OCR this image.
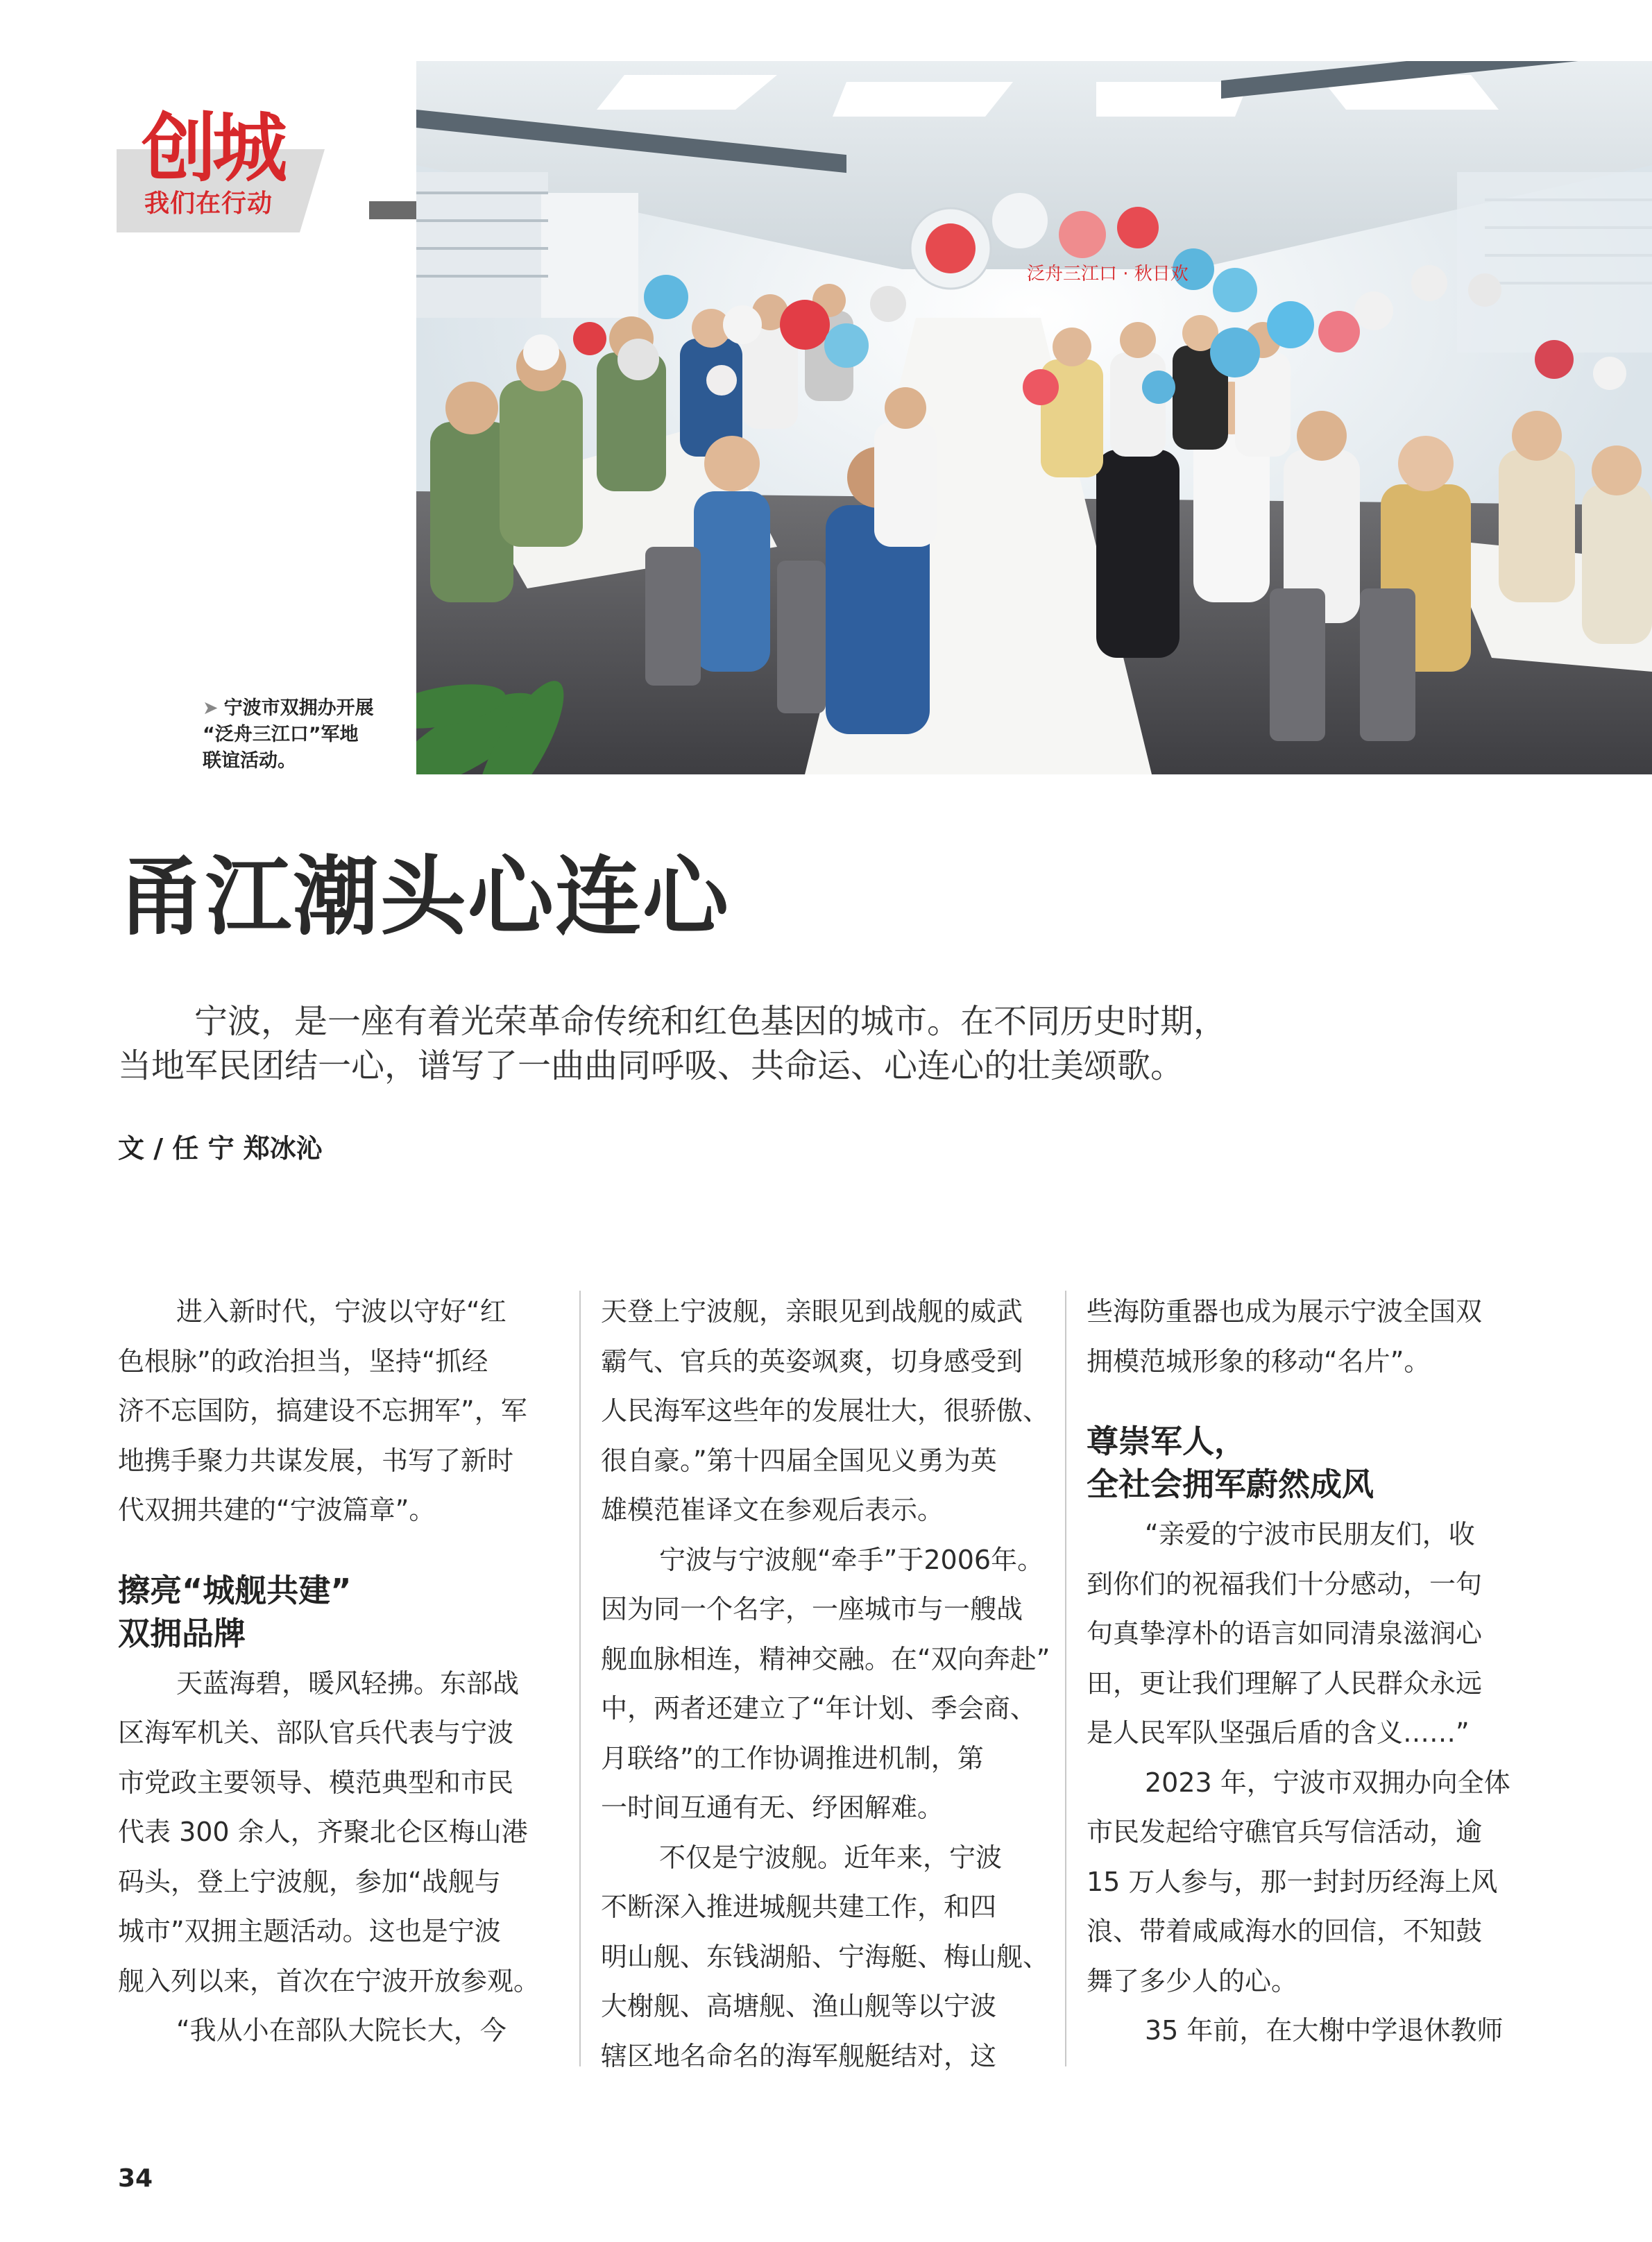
创城
我们在行动
泛舟三江口 · 秋日欢
➤ 宁波市双拥办开展
“泛舟三江口”军地
联谊活动。
甬江潮头心连心

宁波，是一座有着光荣革命传统和红色基因的城市。在不同历史时期，

当地军民团结一心，谱写了一曲曲同呼吸、共命运、心连心的壮美颂歌。

文 / 任 宁 郑冰沁

进入新时代，宁波以守好“红

色根脉”的政治担当，坚持“抓经

济不忘国防，搞建设不忘拥军”，军

地携手聚力共谋发展，书写了新时

代双拥共建的“宁波篇章”。

擦亮“城舰共建”
双拥品牌

天蓝海碧，暖风轻拂。东部战

区海军机关、部队官兵代表与宁波

市党政主要领导、模范典型和市民

代表 300 余人，齐聚北仑区梅山港

码头，登上宁波舰，参加“战舰与

城市”双拥主题活动。这也是宁波

舰入列以来，首次在宁波开放参观。

“我从小在部队大院长大，今

天登上宁波舰，亲眼见到战舰的威武

霸气、官兵的英姿飒爽，切身感受到

人民海军这些年的发展壮大，很骄傲、

很自豪。”第十四届全国见义勇为英

雄模范崔译文在参观后表示。

宁波与宁波舰“牵手”于2006年。

因为同一个名字，一座城市与一艘战

舰血脉相连，精神交融。在“双向奔赴”

中，两者还建立了“年计划、季会商、

月联络”的工作协调推进机制，第

一时间互通有无、纾困解难。

不仅是宁波舰。近年来，宁波

不断深入推进城舰共建工作，和四

明山舰、东钱湖船、宁海艇、梅山舰、

大榭舰、高塘舰、渔山舰等以宁波

辖区地名命名的海军舰艇结对，这

些海防重器也成为展示宁波全国双

拥模范城形象的移动“名片”。

尊崇军人，
全社会拥军蔚然成风

“亲爱的宁波市民朋友们，收

到你们的祝福我们十分感动，一句

句真挚淳朴的语言如同清泉滋润心

田，更让我们理解了人民群众永远

是人民军队坚强后盾的含义……”

2023 年，宁波市双拥办向全体

市民发起给守礁官兵写信活动，逾

15 万人参与，那一封封历经海上风

浪、带着咸咸海水的回信，不知鼓

舞了多少人的心。

35 年前，在大榭中学退休教师

34
